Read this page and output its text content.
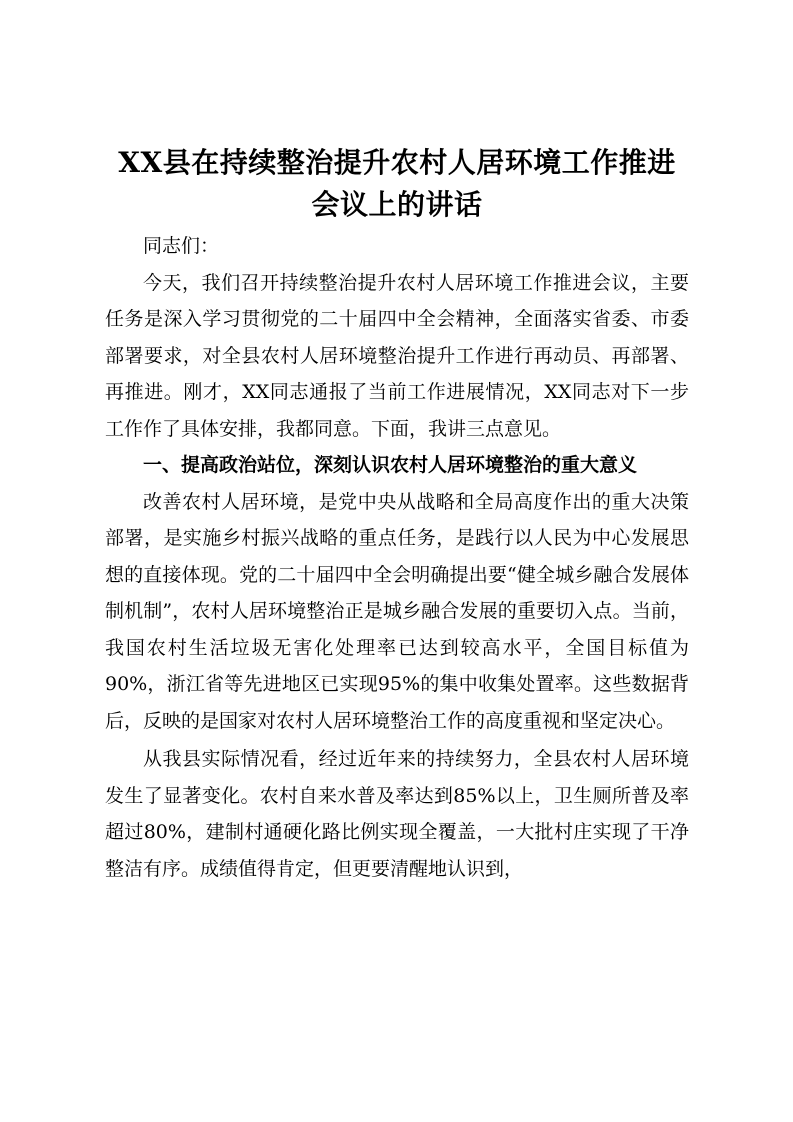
XX县在持续整治提升农村人居环境工作推进会议上的讲话

同志们：

今天，我们召开持续整治提升农村人居环境工作推进会议，主要任务是深入学习贯彻党的二十届四中全会精神，全面落实省委、市委部署要求，对全县农村人居环境整治提升工作进行再动员、再部署、再推进。刚才，XX同志通报了当前工作进展情况，XX同志对下一步工作作了具体安排，我都同意。下面，我讲三点意见。

一、提高政治站位，深刻认识农村人居环境整治的重大意义

改善农村人居环境，是党中央从战略和全局高度作出的重大决策部署，是实施乡村振兴战略的重点任务，是践行以人民为中心发展思想的直接体现。党的二十届四中全会明确提出要“健全城乡融合发展体制机制”，农村人居环境整治正是城乡融合发展的重要切入点。当前，我国农村生活垃圾无害化处理率已达到较高水平，全国目标值为90%，浙江省等先进地区已实现95%的集中收集处置率。这些数据背后，反映的是国家对农村人居环境整治工作的高度重视和坚定决心。

从我县实际情况看，经过近年来的持续努力，全县农村人居环境发生了显著变化。农村自来水普及率达到85%以上，卫生厕所普及率超过80%，建制村通硬化路比例实现全覆盖，一大批村庄实现了干净整洁有序。成绩值得肯定，但更要清醒地认识到，
